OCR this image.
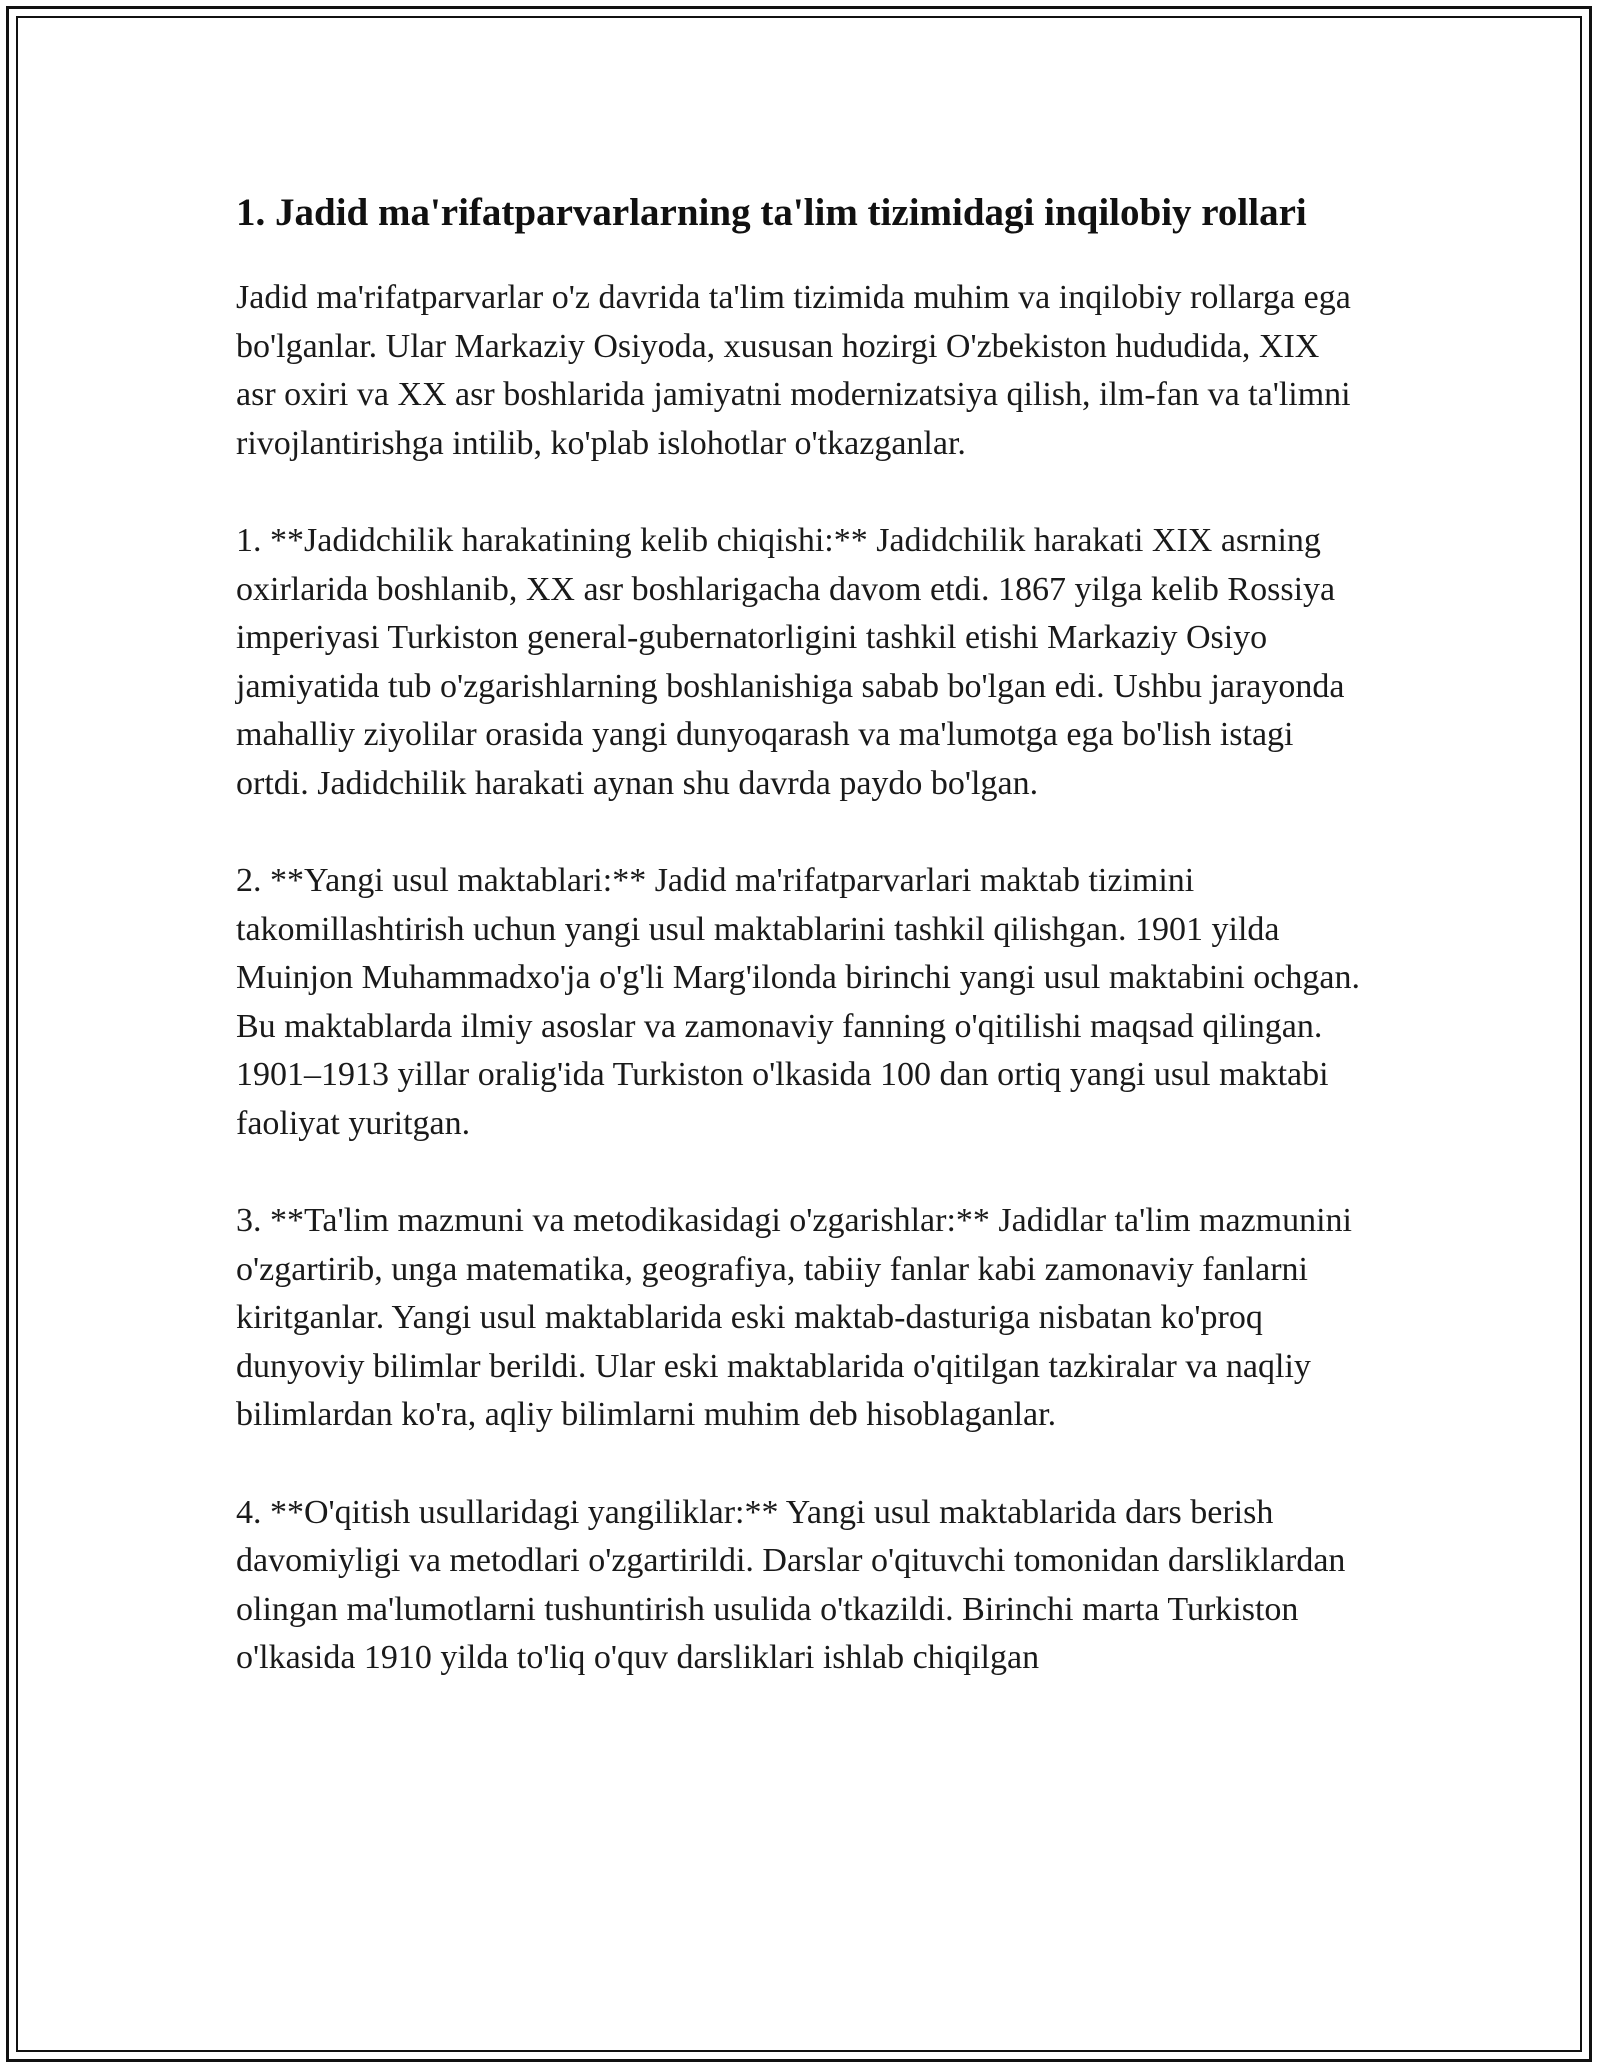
1. Jadid ma'rifatparvarlarning ta'lim tizimidagi inqilobiy rollari

Jadid ma'rifatparvarlar o'z davrida ta'lim tizimida muhim va inqilobiy rollarga ega bo'lganlar. Ular Markaziy Osiyoda, xususan hozirgi O'zbekiston hududida, XIX asr oxiri va XX asr boshlarida jamiyatni modernizatsiya qilish, ilm-fan va ta'limni rivojlantirishga intilib, ko'plab islohotlar o'tkazganlar.

1. **Jadidchilik harakatining kelib chiqishi:** Jadidchilik harakati XIX asrning oxirlarida boshlanib, XX asr boshlarigacha davom etdi. 1867 yilga kelib Rossiya imperiyasi Turkiston general-gubernatorligini tashkil etishi Markaziy Osiyo jamiyatida tub o'zgarishlarning boshlanishiga sabab bo'lgan edi. Ushbu jarayonda mahalliy ziyolilar orasida yangi dunyoqarash va ma'lumotga ega bo'lish istagi ortdi. Jadidchilik harakati aynan shu davrda paydo bo'lgan.

2. **Yangi usul maktablari:** Jadid ma'rifatparvarlari maktab tizimini takomillashtirish uchun yangi usul maktablarini tashkil qilishgan. 1901 yilda Muinjon Muhammadxo'ja o'g'li Marg'ilonda birinchi yangi usul maktabini ochgan. Bu maktablarda ilmiy asoslar va zamonaviy fanning o'qitilishi maqsad qilingan. 1901–1913 yillar oralig'ida Turkiston o'lkasida 100 dan ortiq yangi usul maktabi faoliyat yuritgan.

3. **Ta'lim mazmuni va metodikasidagi o'zgarishlar:** Jadidlar ta'lim mazmunini o'zgartirib, unga matematika, geografiya, tabiiy fanlar kabi zamonaviy fanlarni kiritganlar. Yangi usul maktablarida eski maktab-dasturiga nisbatan ko'proq dunyoviy bilimlar berildi. Ular eski maktablarida o'qitilgan tazkiralar va naqliy bilimlardan ko'ra, aqliy bilimlarni muhim deb hisoblaganlar.

4. **O'qitish usullaridagi yangiliklar:** Yangi usul maktablarida dars berish davomiyligi va metodlari o'zgartirildi. Darslar o'qituvchi tomonidan darsliklardan olingan ma'lumotlarni tushuntirish usulida o'tkazildi. Birinchi marta Turkiston o'lkasida 1910 yilda to'liq o'quv darsliklari ishlab chiqilgan
